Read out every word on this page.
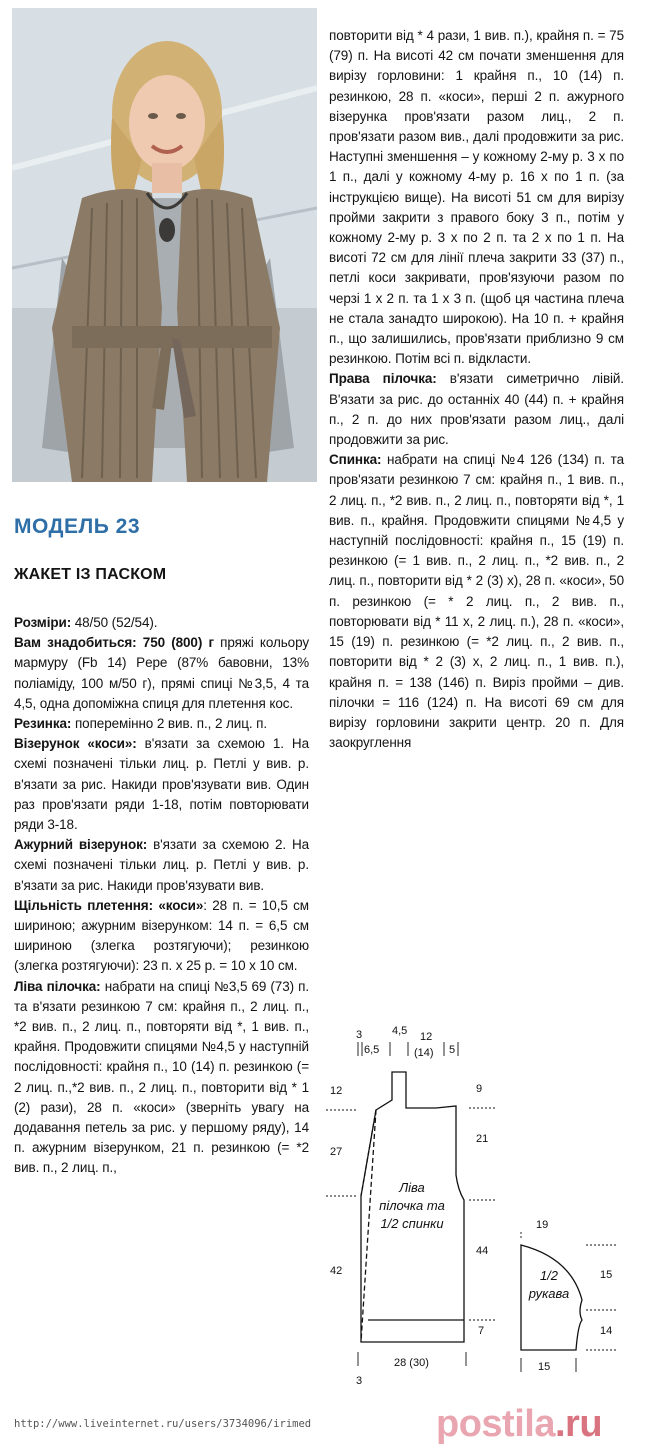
МОДЕЛЬ 23
ЖАКЕТ ІЗ ПАСКОМ

Розміри: 48/50 (52/54).

Вам знадобиться: 750 (800) г пряжі кольору мармуру (Fb 14) Pepe (87% бавовни, 13% поліаміду, 100 м/50 г), прямі спиці №3,5, 4 та 4,5, одна допоміжна спиця для плетення кос.

Резинка: поперемінно 2 вив. п., 2 лиц. п.

Візерунок «коси»: в'язати за схемою 1. На схемі позначені тільки лиц. р. Петлі у вив. р. в'язати за рис. Накиди пров'язувати вив. Один раз пров'язати ряди 1-18, потім повторювати ряди 3-18.

Ажурний візерунок: в'язати за схемою 2. На схемі позначені тільки лиц. р. Петлі у вив. р. в'язати за рис. Накиди пров'язувати вив.

Щільність плетення: «коси»: 28 п. = 10,5 см шириною; ажурним візерунком: 14 п. = 6,5 см шириною (злегка розтягуючи); резинкою (злегка розтягуючи): 23 п. х 25 р. = 10 х 10 см.

Ліва пілочка: набрати на спиці №3,5 69 (73) п. та в'язати резинкою 7 см: крайня п., 2 лиц. п., *2 вив. п., 2 лиц. п., повторяти від *, 1 вив. п., крайня. Продовжити спицями №4,5 у наступній послідовності: крайня п., 10 (14) п. резинкою (= 2 лиц. п.,*2 вив. п., 2 лиц. п., повторити від * 1 (2) рази), 28 п. «коси» (зверніть увагу на додавання петель за рис. у першому ряду), 14 п. ажурним візерунком, 21 п. резинкою (= *2 вив. п., 2 лиц. п.,

повторити від * 4 рази, 1 вив. п.), крайня п. = 75 (79) п. На висоті 42 см почати зменшення для вирізу горловини: 1 крайня п., 10 (14) п. резинкою, 28 п. «коси», перші 2 п. ажурного візерунка пров'язати разом лиц., 2 п. пров'язати разом вив., далі продовжити за рис. Наступні зменшення – у кожному 2-му р. 3 х по 1 п., далі у кожному 4-му р. 16 х по 1 п. (за інструкцією вище). На висоті 51 см для вирізу пройми закрити з правого боку 3 п., потім у кожному 2-му р. 3 х по 2 п. та 2 х по 1 п. На висоті 72 см для лінії плеча закрити 33 (37) п., петлі коси закривати, пров'язуючи разом по черзі 1 х 2 п. та 1 х 3 п. (щоб ця частина плеча не стала занадто широкою). На 10 п. + крайня п., що залишились, пров'язати приблизно 9 см резинкою. Потім всі п. відкласти.

Права пілочка: в'язати симетрично лівій. В'язати за рис. до останніх 40 (44) п. + крайня п., 2 п. до них пров'язати разом лиц., далі продовжити за рис.

Спинка: набрати на спиці №4 126 (134) п. та пров'язати резинкою 7 см: крайня п., 1 вив. п., 2 лиц. п., *2 вив. п., 2 лиц. п., повторяти від *, 1 вив. п., крайня. Продовжити спицями №4,5 у наступній послідовності: крайня п., 15 (19) п. резинкою (= 1 вив. п., 2 лиц. п., *2 вив. п., 2 лиц. п., повторити від * 2 (3) х), 28 п. «коси», 50 п. резинкою (= * 2 лиц. п., 2 вив. п., повторювати від * 11 х, 2 лиц. п.), 28 п. «коси», 15 (19) п. резинкою (= *2 лиц. п., 2 вив. п., повторити від * 2 (3) х, 2 лиц. п., 1 вив. п.), крайня п. = 138 (146) п. Виріз пройми – див. пілочки = 116 (124) п. На висоті 69 см для вирізу горловини закрити центр. 20 п. Для заокруглення

3
6,5
4,5 12
(14) 5
12
27
42
9
21
44
7
3
28 (30)
19
15
14
15
Ліва
пілочка та
1/2 спинки
1/2
рукава
http://www.liveinternet.ru/users/3734096/irimed	postila.ru
